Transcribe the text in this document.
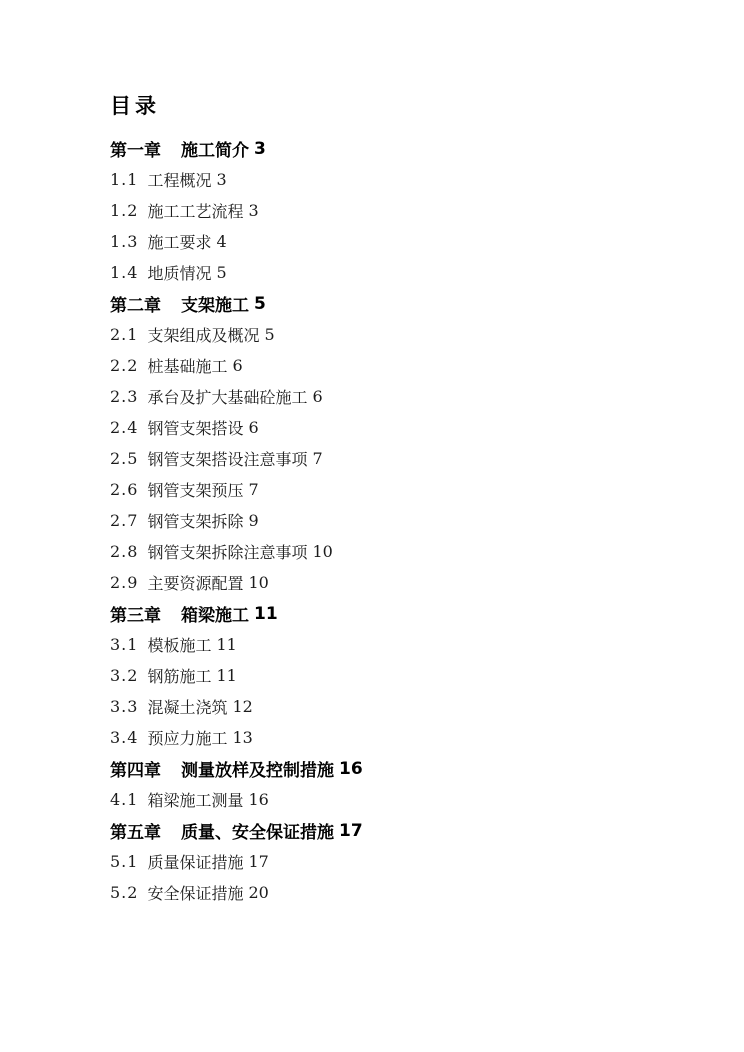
目录
第一章 施工简介 3
1.1 工程概况 3
1.2 施工工艺流程 3
1.3 施工要求 4
1.4 地质情况 5
第二章 支架施工 5
2.1 支架组成及概况 5
2.2 桩基础施工 6
2.3 承台及扩大基础砼施工 6
2.4 钢管支架搭设 6
2.5 钢管支架搭设注意事项 7
2.6 钢管支架预压 7
2.7 钢管支架拆除 9
2.8 钢管支架拆除注意事项 10
2.9 主要资源配置 10
第三章 箱梁施工 11
3.1 模板施工 11
3.2 钢筋施工 11
3.3 混凝土浇筑 12
3.4 预应力施工 13
第四章 测量放样及控制措施 16
4.1 箱梁施工测量 16
第五章 质量、安全保证措施 17
5.1 质量保证措施 17
5.2 安全保证措施 20
